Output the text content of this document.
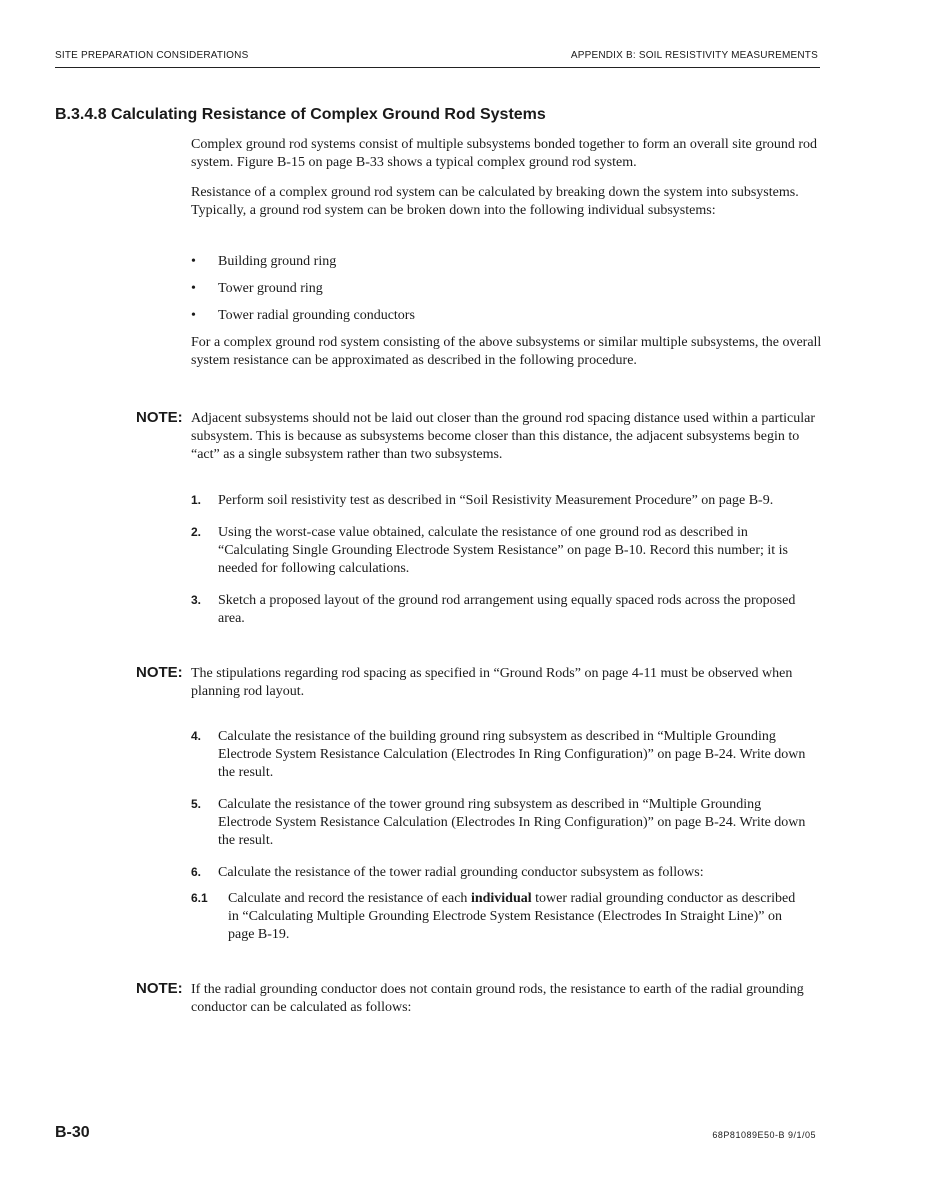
SITE PREPARATION CONSIDERATIONS	APPENDIX B: SOIL RESISTIVITY MEASUREMENTS
B.3.4.8 Calculating Resistance of Complex Ground Rod Systems

Complex ground rod systems consist of multiple subsystems bonded together to form an overall site ground rod system. Figure B-15 on page B-33 shows a typical complex ground rod system.

Resistance of a complex ground rod system can be calculated by breaking down the system into subsystems. Typically, a ground rod system can be broken down into the following individual subsystems:

• Building ground ring
• Tower ground ring
• Tower radial grounding conductors

For a complex ground rod system consisting of the above subsystems or similar multiple subsystems, the overall system resistance can be approximated as described in the following procedure.

NOTE: Adjacent subsystems should not be laid out closer than the ground rod spacing distance used within a particular subsystem. This is because as subsystems become closer than this distance, the adjacent subsystems begin to “act” as a single subsystem rather than two subsystems.

1. Perform soil resistivity test as described in “Soil Resistivity Measurement Procedure” on page B-9.

2. Using the worst-case value obtained, calculate the resistance of one ground rod as described in “Calculating Single Grounding Electrode System Resistance” on page B-10. Record this number; it is needed for following calculations.

3. Sketch a proposed layout of the ground rod arrangement using equally spaced rods across the proposed area.

NOTE: The stipulations regarding rod spacing as specified in “Ground Rods” on page 4-11 must be observed when planning rod layout.

4. Calculate the resistance of the building ground ring subsystem as described in “Multiple Grounding Electrode System Resistance Calculation (Electrodes In Ring Configuration)” on page B-24. Write down the result.

5. Calculate the resistance of the tower ground ring subsystem as described in “Multiple Grounding Electrode System Resistance Calculation (Electrodes In Ring Configuration)” on page B-24. Write down the result.

6. Calculate the resistance of the tower radial grounding conductor subsystem as follows:

6.1 Calculate and record the resistance of each individual tower radial grounding conductor as described in “Calculating Multiple Grounding Electrode System Resistance (Electrodes In Straight Line)” on page B-19.

NOTE: If the radial grounding conductor does not contain ground rods, the resistance to earth of the radial grounding conductor can be calculated as follows:

B-30	68P81089E50-B 9/1/05
